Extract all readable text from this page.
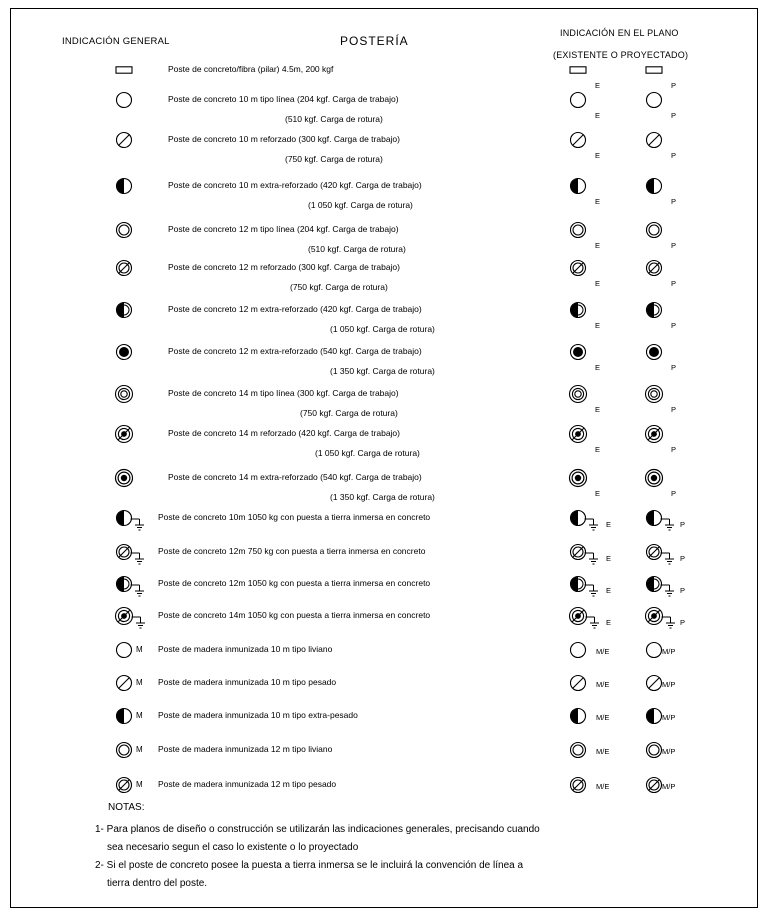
INDICACIÓN GENERAL	POSTERÍA
INDICACIÓN EN EL PLANO
(EXISTENTE O PROYECTADO)
Poste de concreto/fibra (pilar) 4.5m, 200 kgf
E	P
Poste de concreto 10 m tipo línea (204 kgf. Carga de trabajo)
(510 kgf. Carga de rotura)	E	P
Poste de concreto 10 m reforzado (300 kgf. Carga de trabajo)
(750 kgf. Carga de rotura)	E	P
Poste de concreto 10 m extra-reforzado (420 kgf. Carga de trabajo)
(1 050 kgf. Carga de rotura)	E	P
Poste de concreto 12 m tipo línea (204 kgf. Carga de trabajo)
(510 kgf. Carga de rotura)	E	P
Poste de concreto 12 m reforzado (300 kgf. Carga de trabajo)
(750 kgf. Carga de rotura)	E	P
Poste de concreto 12 m extra-reforzado (420 kgf. Carga de trabajo)
(1 050 kgf. Carga de rotura)	E	P
Poste de concreto 12 m extra-reforzado (540 kgf. Carga de trabajo)
(1 350 kgf. Carga de rotura)	E	P
Poste de concreto 14 m tipo línea (300 kgf. Carga de trabajo)
(750 kgf. Carga de rotura)	E	P
Poste de concreto 14 m reforzado (420 kgf. Carga de trabajo)
(1 050 kgf. Carga de rotura)	E	P
Poste de concreto 14 m extra-reforzado (540 kgf. Carga de trabajo)
(1 350 kgf. Carga de rotura)	E	P
Poste de concreto 10m 1050 kg con puesta a tierra inmersa en concreto
E	P
Poste de concreto 12m 750 kg con puesta a tierra inmersa en concreto
E	P
Poste de concreto 12m 1050 kg con puesta a tierra inmersa en concreto
E	P
Poste de concreto 14m 1050 kg con puesta a tierra inmersa en concreto
E	P
M Poste de madera inmunizada 10 m tipo liviano	M/E	M/P
M Poste de madera inmunizada 10 m tipo pesado	M/E	M/P
M Poste de madera inmunizada 10 m tipo extra-pesado	M/E	M/P
M Poste de madera inmunizada 12 m tipo liviano	M/E	M/P
M Poste de madera inmunizada 12 m tipo pesado	M/E	M/P
NOTAS:
1- Para planos de diseño o construcción se utilizarán las indicaciones generales, precisando cuando
sea necesario segun el caso lo existente o lo proyectado
2- Si el poste de concreto posee la puesta a tierra inmersa se le incluirá la convención de línea a
tierra dentro del poste.
